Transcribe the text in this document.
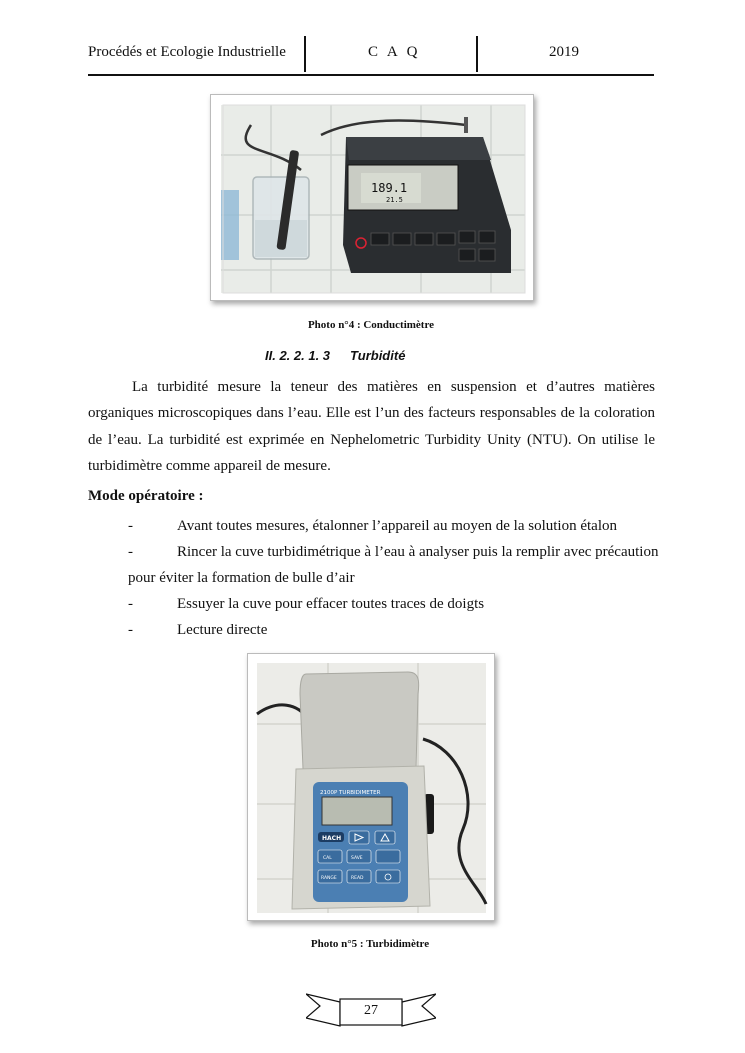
Procédés et Ecologie Industrielle	C A Q	2019
189.1
21.5
Photo n°4 : Conductimètre
II. 2. 2. 1. 3 Turbidité
La turbidité mesure la teneur des matières en suspension et d’autres matières organiques microscopiques dans l’eau. Elle est l’un des facteurs responsables de la coloration de l’eau. La turbidité est exprimée en Nephelometric Turbidity Unity (NTU). On utilise le turbidimètre comme appareil de mesure.
Mode opératoire :
-	Avant toutes mesures, étalonner l’appareil au moyen de la solution étalon
-	Rincer la cuve turbidimétrique à l’eau à analyser puis la remplir avec précaution
pour éviter la formation de bulle d’air
-	Essuyer la cuve pour effacer toutes traces de doigts
-	Lecture directe
2100P TURBIDIMETER
HACH
CAL	SAVE
RANGE	READ
Photo n°5 : Turbidimètre
27
